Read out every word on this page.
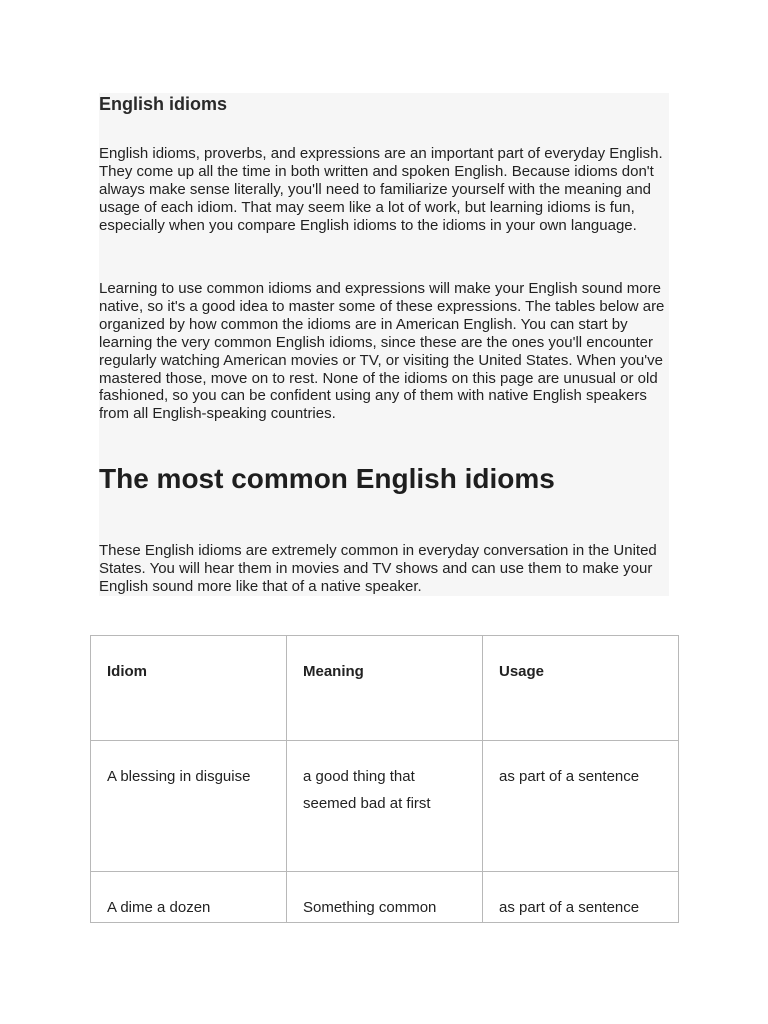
English idioms

English idioms, proverbs, and expressions are an important part of everyday English. They come up all the time in both written and spoken English. Because idioms don't always make sense literally, you'll need to familiarize yourself with the meaning and usage of each idiom. That may seem like a lot of work, but learning idioms is fun, especially when you compare English idioms to the idioms in your own language.

Learning to use common idioms and expressions will make your English sound more native, so it's a good idea to master some of these expressions. The tables below are organized by how common the idioms are in American English. You can start by learning the very common English idioms, since these are the ones you'll encounter regularly watching American movies or TV, or visiting the United States. When you've mastered those, move on to rest. None of the idioms on this page are unusual or old fashioned, so you can be confident using any of them with native English speakers from all English-speaking countries.

The most common English idioms

These English idioms are extremely common in everyday conversation in the United States. You will hear them in movies and TV shows and can use them to make your English sound more like that of a native speaker.

Idiom	Meaning	Usage
A blessing in disguise	a good thing that seemed bad at first	as part of a sentence
A dime a dozen	Something common	as part of a sentence
